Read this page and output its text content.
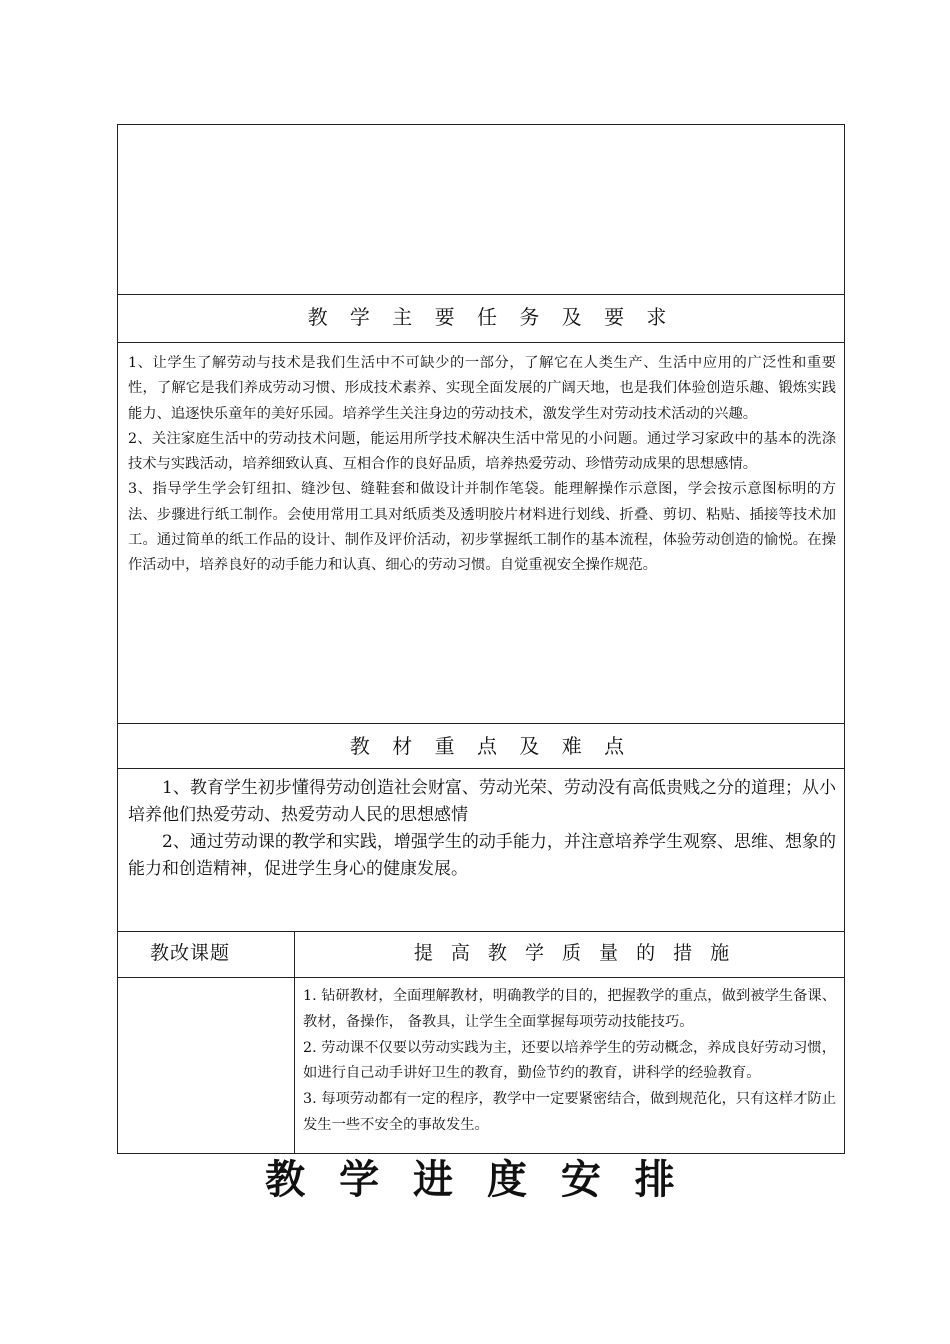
教 学 主 要 任 务 及 要 求

1、让学生了解劳动与技术是我们生活中不可缺少的一部分，了解它在人类生产、生活中应用的广泛性和重要性，了解它是我们养成劳动习惯、形成技术素养、实现全面发展的广阔天地，也是我们体验创造乐趣、锻炼实践能力、追逐快乐童年的美好乐园。培养学生关注身边的劳动技术，激发学生对劳动技术活动的兴趣。

2、关注家庭生活中的劳动技术问题，能运用所学技术解决生活中常见的小问题。通过学习家政中的基本的洗涤技术与实践活动，培养细致认真、互相合作的良好品质，培养热爱劳动、珍惜劳动成果的思想感情。

3、指导学生学会钉纽扣、缝沙包、缝鞋套和做设计并制作笔袋。能理解操作示意图，学会按示意图标明的方法、步骤进行纸工制作。会使用常用工具对纸质类及透明胶片材料进行划线、折叠、剪切、粘贴、插接等技术加工。通过简单的纸工作品的设计、制作及评价活动，初步掌握纸工制作的基本流程，体验劳动创造的愉悦。在操作活动中，培养良好的动手能力和认真、细心的劳动习惯。自觉重视安全操作规范。

教 材 重 点 及 难 点

1、教育学生初步懂得劳动创造社会财富、劳动光荣、劳动没有高低贵贱之分的道理；从小培养他们热爱劳动、热爱劳动人民的思想感情

2、通过劳动课的教学和实践，增强学生的动手能力，并注意培养学生观察、思维、想象的能力和创造精神，促进学生身心的健康发展。

教改课题	提 高 教 学 质 量 的 措 施

1. 钻研教材，全面理解教材，明确教学的目的，把握教学的重点，做到被学生备课、教材，备操作， 备教具，让学生全面掌握每项劳动技能技巧。

2. 劳动课不仅要以劳动实践为主，还要以培养学生的劳动概念，养成良好劳动习惯，如进行自己动手讲好卫生的教育，勤俭节约的教育，讲科学的经验教育。

3. 每项劳动都有一定的程序，教学中一定要紧密结合，做到规范化，只有这样才防止发生一些不安全的事故发生。

教 学 进 度 安 排
